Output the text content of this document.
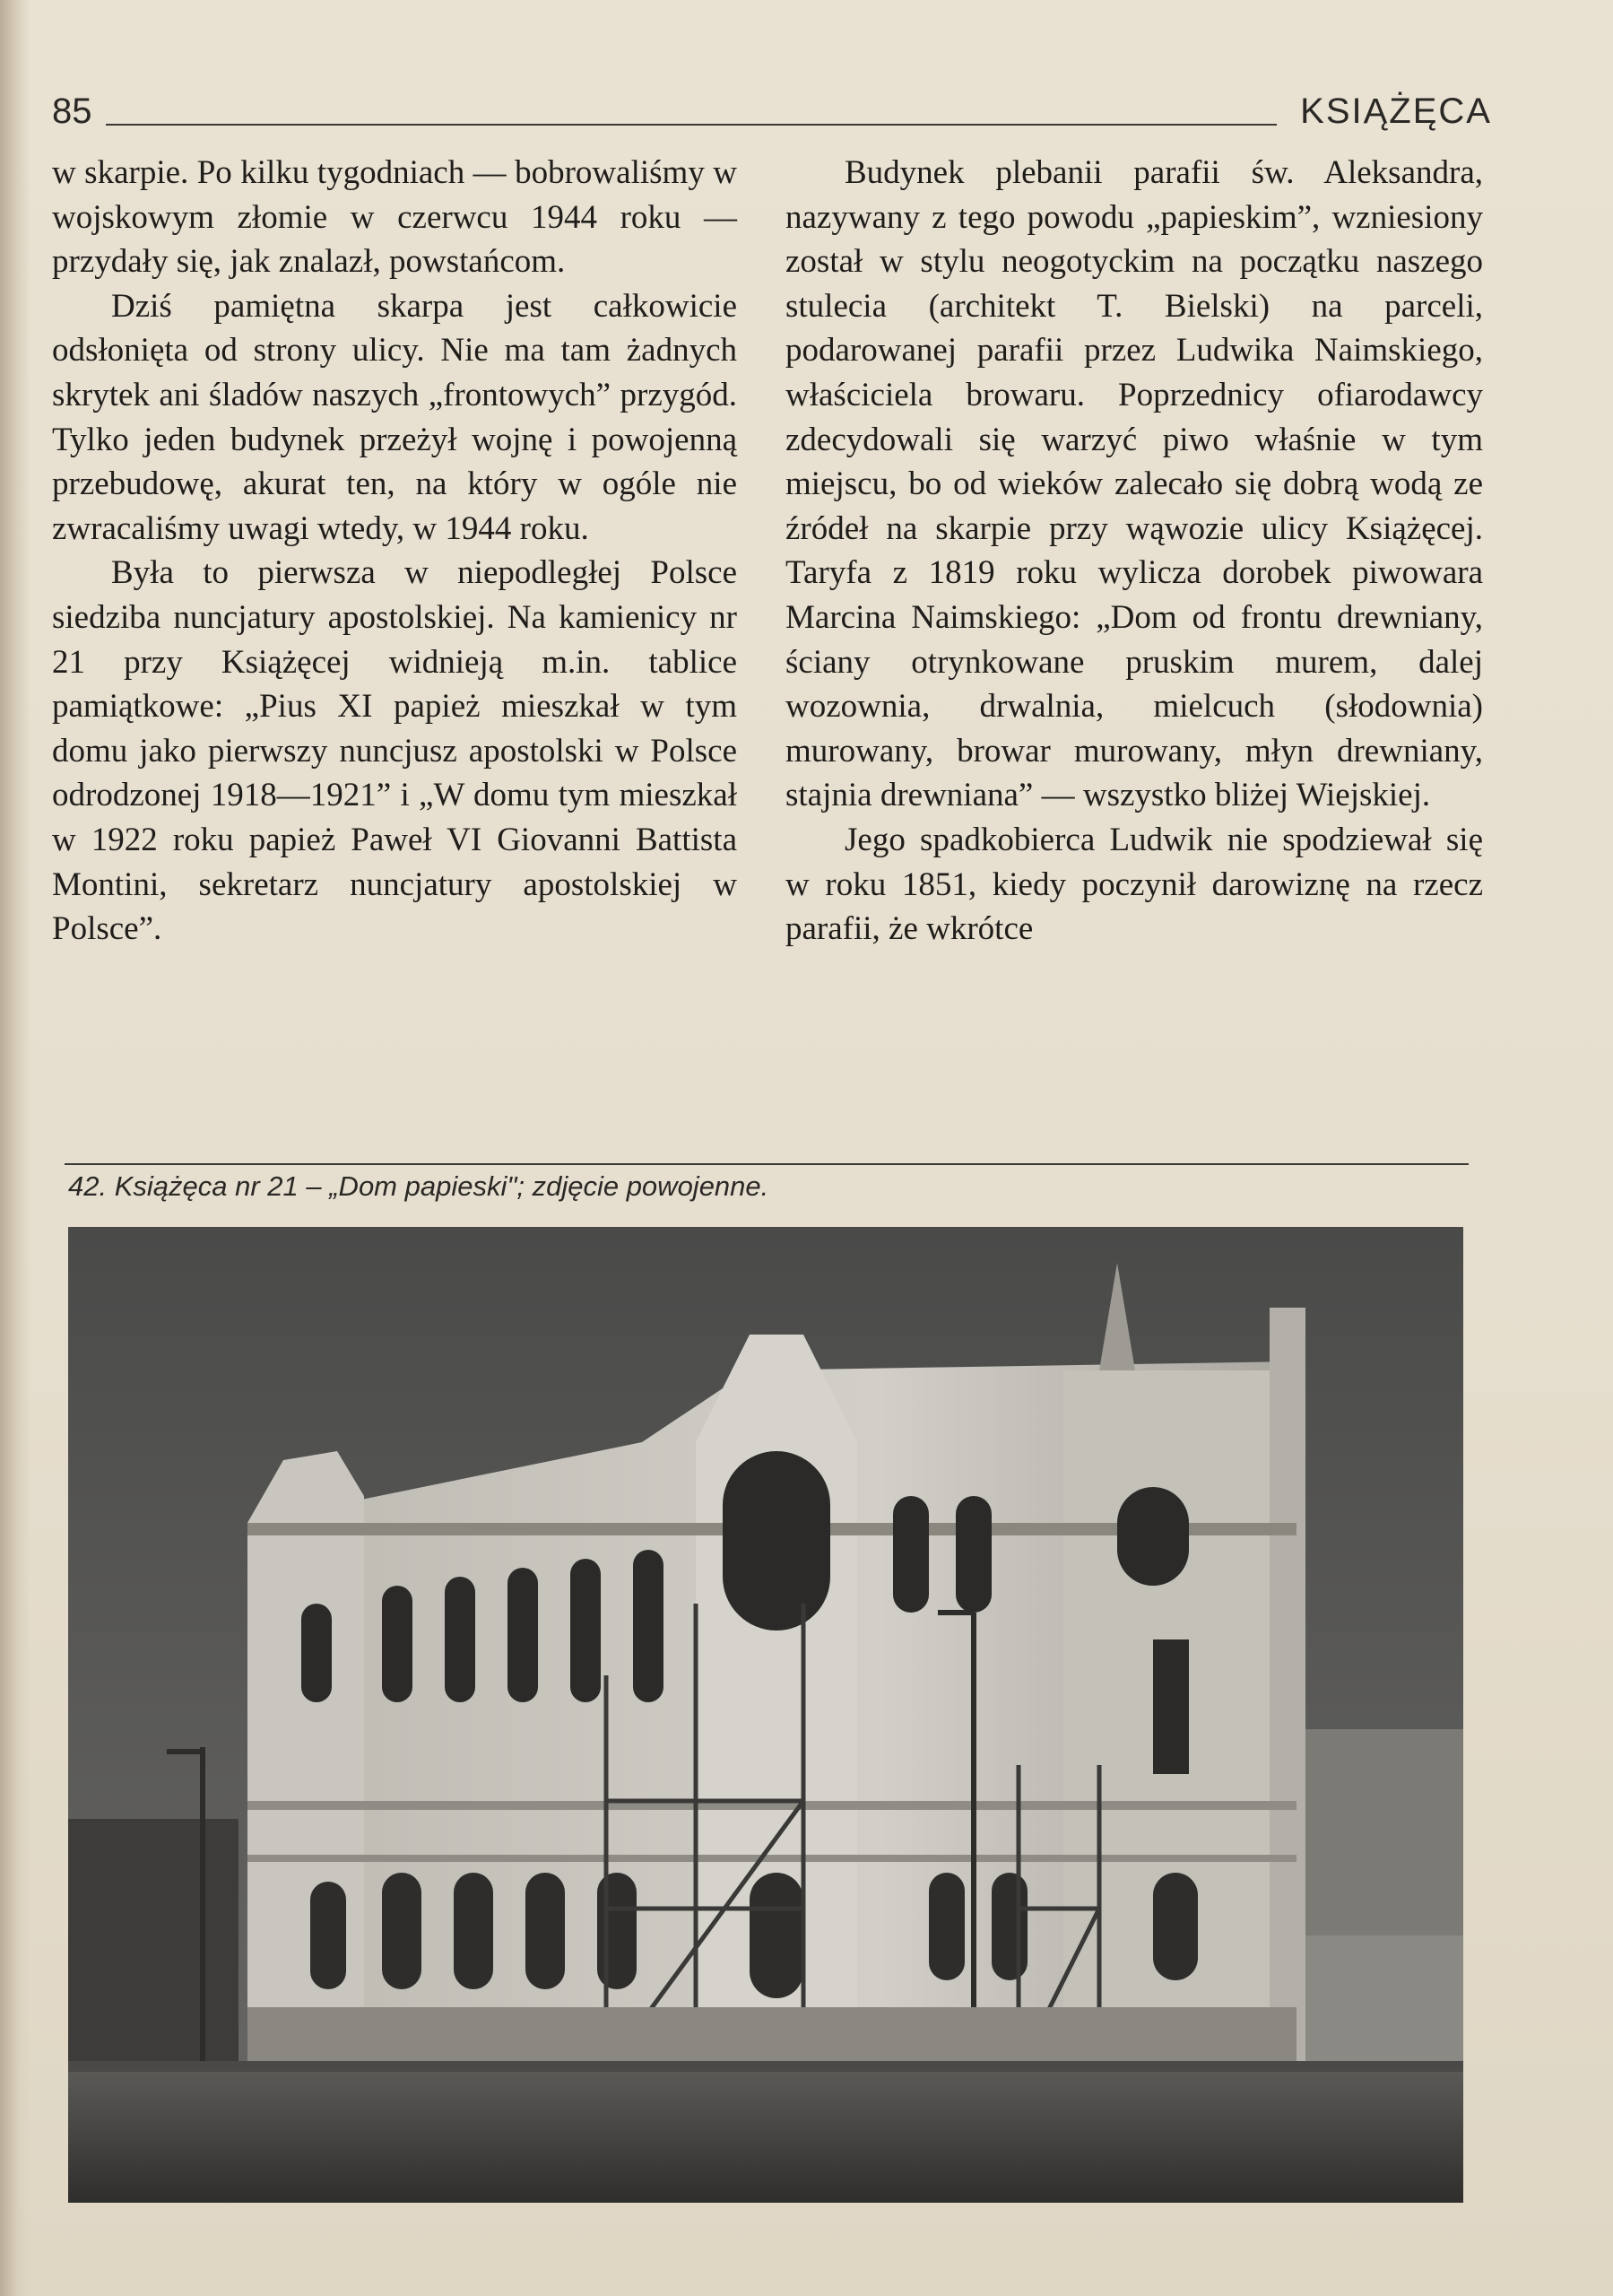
85	KSIĄŻĘCA

w skarpie. Po kilku tygodniach — bobrowaliśmy w wojskowym złomie w czerwcu 1944 roku — przydały się, jak znalazł, powstańcom.

Dziś pamiętna skarpa jest całkowicie odsłonięta od strony ulicy. Nie ma tam żadnych skrytek ani śladów naszych „frontowych” przygód. Tylko jeden budynek przeżył wojnę i powojenną przebudowę, akurat ten, na który w ogóle nie zwracaliśmy uwagi wtedy, w 1944 roku.

Była to pierwsza w niepodległej Polsce siedziba nuncjatury apostolskiej. Na kamienicy nr 21 przy Książęcej widnieją m.in. tablice pamiątkowe: „Pius XI papież mieszkał w tym domu jako pierwszy nuncjusz apostolski w Polsce odrodzonej 1918—1921” i „W domu tym mieszkał w 1922 roku papież Paweł VI Giovanni Battista Montini, sekretarz nuncjatury apostolskiej w Polsce”.

Budynek plebanii parafii św. Aleksandra, nazywany z tego powodu „papieskim”, wzniesiony został w stylu neogotyckim na początku naszego stulecia (architekt T. Bielski) na parceli, podarowanej parafii przez Ludwika Naimskiego, właściciela browaru. Poprzednicy ofiarodawcy zdecydowali się warzyć piwo właśnie w tym miejscu, bo od wieków zalecało się dobrą wodą ze źródeł na skarpie przy wąwozie ulicy Książęcej. Taryfa z 1819 roku wylicza dorobek piwowara Marcina Naimskiego: „Dom od frontu drewniany, ściany otrynkowane pruskim murem, dalej wozownia, drwalnia, mielcuch (słodownia) murowany, browar murowany, młyn drewniany, stajnia drewniana” — wszystko bliżej Wiejskiej.

Jego spadkobierca Ludwik nie spodziewał się w roku 1851, kiedy poczynił darowiznę na rzecz parafii, że wkrótce

42. Książęca nr 21 – „Dom papieski"; zdjęcie powojenne.
